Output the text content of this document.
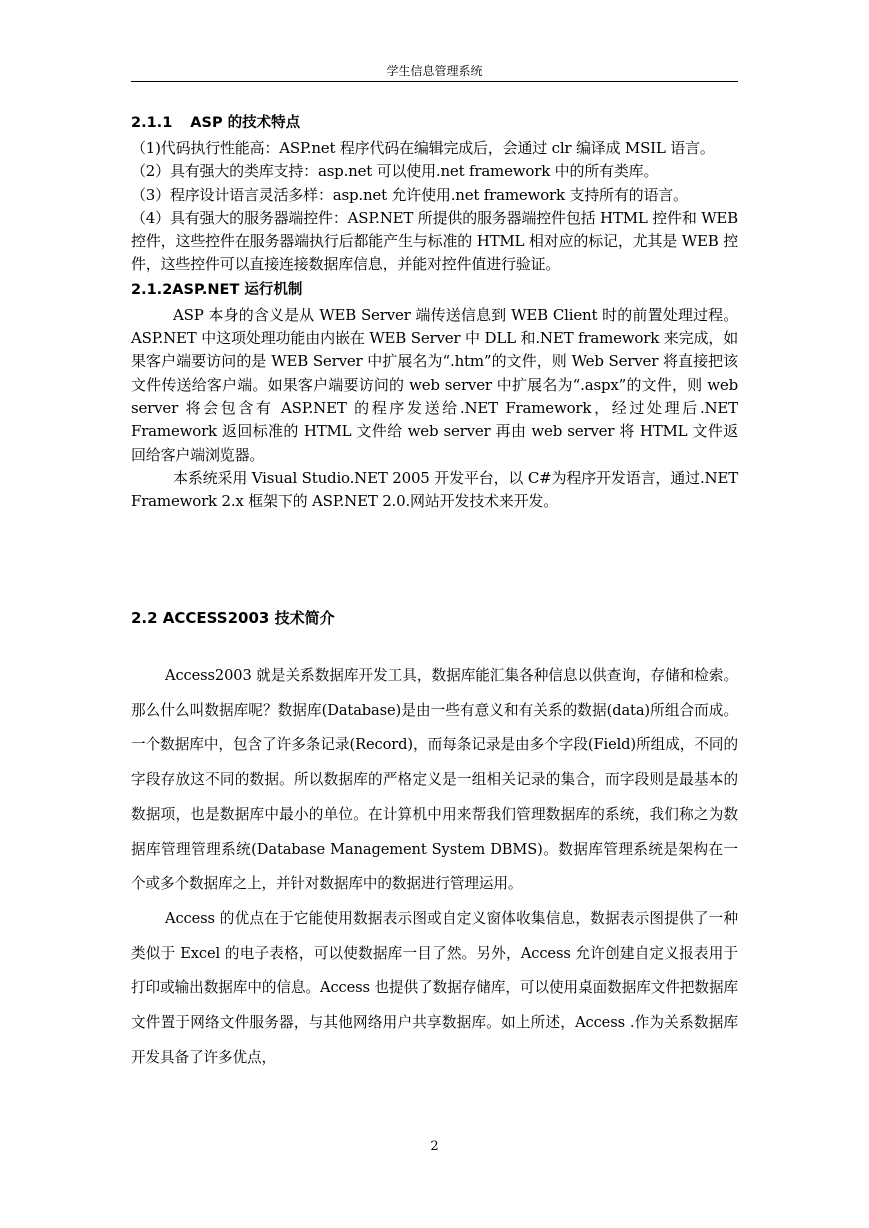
学生信息管理系统
2.1.1 ASP 的技术特点

（1)代码执行性能高：ASP.net 程序代码在编辑完成后，会通过 clr 编译成 MSIL 语言。

（2）具有强大的类库支持：asp.net 可以使用.net framework 中的所有类库。

（3）程序设计语言灵活多样：asp.net 允许使用.net framework 支持所有的语言。

（4）具有强大的服务器端控件：ASP.NET 所提供的服务器端控件包括 HTML 控件和 WEB 控件，这些控件在服务器端执行后都能产生与标准的 HTML 相对应的标记，尤其是 WEB 控件，这些控件可以直接连接数据库信息，并能对控件值进行验证。

2.1.2ASP.NET 运行机制

ASP 本身的含义是从 WEB Server 端传送信息到 WEB Client 时的前置处理过程。ASP.NET 中这项处理功能由内嵌在 WEB Server 中 DLL 和.NET framework 来完成，如果客户端要访问的是 WEB Server 中扩展名为“.htm”的文件，则 Web Server 将直接把该文件传送给客户端。如果客户端要访问的 web server 中扩展名为“.aspx”的文件，则 web server 将会包含有 ASP.NET 的程序发送给.NET Framework，经过处理后.NET Framework 返回标准的 HTML 文件给 web server 再由 web server 将 HTML 文件返回给客户端浏览器。

本系统采用 Visual Studio.NET 2005 开发平台，以 C#为程序开发语言，通过.NET Framework 2.x 框架下的 ASP.NET 2.0.网站开发技术来开发。

2.2 ACCESS2003 技术简介

Access2003 就是关系数据库开发工具，数据库能汇集各种信息以供查询，存储和检索。那么什么叫数据库呢？数据库(Database)是由一些有意义和有关系的数据(data)所组合而成。一个数据库中，包含了许多条记录(Record)，而每条记录是由多个字段(Field)所组成，不同的字段存放这不同的数据。所以数据库的严格定义是一组相关记录的集合，而字段则是最基本的数据项，也是数据库中最小的单位。在计算机中用来帮我们管理数据库的系统，我们称之为数据库管理管理系统(Database Management System DBMS)。数据库管理系统是架构在一个或多个数据库之上，并针对数据库中的数据进行管理运用。

Access 的优点在于它能使用数据表示图或自定义窗体收集信息，数据表示图提供了一种类似于 Excel 的电子表格，可以使数据库一目了然。另外，Access 允许创建自定义报表用于打印或输出数据库中的信息。Access 也提供了数据存储库，可以使用桌面数据库文件把数据库文件置于网络文件服务器，与其他网络用户共享数据库。如上所述，Access .作为关系数据库开发具备了许多优点，

2
